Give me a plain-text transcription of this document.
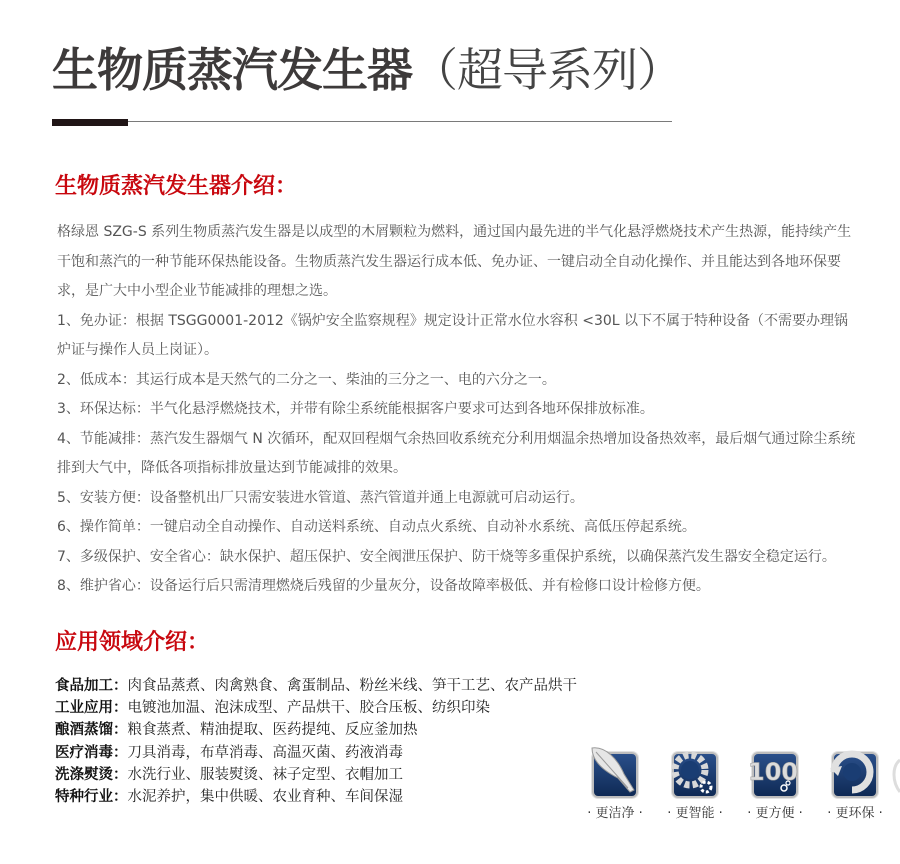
生物质蒸汽发生器（超导系列）
生物质蒸汽发生器介绍：

格绿恩 SZG-S 系列生物质蒸汽发生器是以成型的木屑颗粒为燃料，通过国内最先进的半气化悬浮燃烧技术产生热源，能持续产生干饱和蒸汽的一种节能环保热能设备。生物质蒸汽发生器运行成本低、免办证、一键启动全自动化操作、并且能达到各地环保要求，是广大中小型企业节能减排的理想之选。

1、免办证：根据 TSGG0001-2012《锅炉安全监察规程》规定设计正常水位水容积 <30L 以下不属于特种设备（不需要办理锅炉证与操作人员上岗证）。

2、低成本：其运行成本是天然气的二分之一、柴油的三分之一、电的六分之一。

3、环保达标：半气化悬浮燃烧技术，并带有除尘系统能根据客户要求可达到各地环保排放标准。

4、节能减排：蒸汽发生器烟气 N 次循环，配双回程烟气余热回收系统充分利用烟温余热增加设备热效率，最后烟气通过除尘系统排到大气中，降低各项指标排放量达到节能减排的效果。

5、安装方便：设备整机出厂只需安装进水管道、蒸汽管道并通上电源就可启动运行。

6、操作简单：一键启动全自动操作、自动送料系统、自动点火系统、自动补水系统、高低压停起系统。

7、多级保护、安全省心：缺水保护、超压保护、安全阀泄压保护、防干烧等多重保护系统，以确保蒸汽发生器安全稳定运行。

8、维护省心：设备运行后只需清理燃烧后残留的少量灰分，设备故障率极低、并有检修口设计检修方便。

应用领域介绍：
食品加工：肉食品蒸煮、肉禽熟食、禽蛋制品、粉丝米线、笋干工艺、农产品烘干
工业应用：电镀池加温、泡沫成型、产品烘干、胶合压板、纺织印染
酿酒蒸馏：粮食蒸煮、精油提取、医药提纯、反应釜加热
医疗消毒：刀具消毒，布草消毒、高温灭菌、药液消毒
洗涤熨烫：水洗行业、服装熨烫、袜子定型、衣帽加工
特种行业：水泥养护，集中供暖、农业育种、车间保湿
· 更洁净 · · 更智能 ·
100
· 更方便 · · 更环保 ·
